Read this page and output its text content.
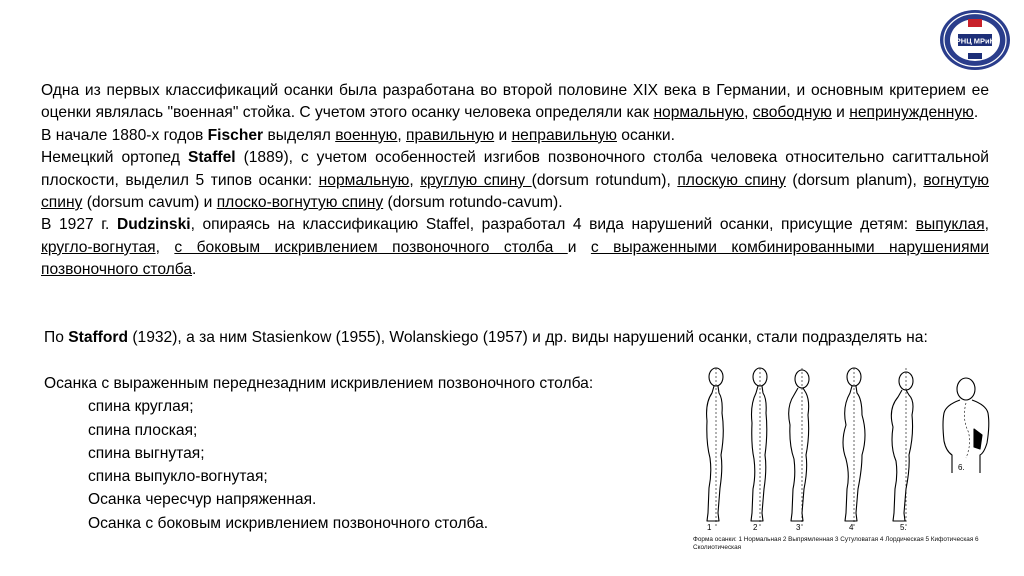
РНЦ МРиК

Одна из первых классификаций осанки была разработана во второй половине XIX века в Германии, и основным критерием ее оценки являлась "военная" стойка. С учетом этого осанку человека определяли как нормальную, свободную и непринужденную.

В начале 1880-х годов Fischer выделял военную, правильную и неправильную осанки.

Немецкий ортопед Staffel (1889), с учетом особенностей изгибов позвоночного столба человека относительно сагиттальной плоскости, выделил 5 типов осанки: нормальную, круглую спину (dorsum rotundum), плоскую спину (dorsum planum), вогнутую спину (dorsum cavum) и плоско-вогнутую спину (dorsum rotundo-cavum).

В 1927 г. Dudzinski, опираясь на классификацию Staffel, разработал 4 вида нарушений осанки, присущие детям: выпуклая, кругло-вогнутая, с боковым искривлением позвоночного столба и с выраженными комбинированными нарушениями позвоночного столба.

По Stafford (1932), а за ним Stasienkow (1955), Wolanskiego (1957) и др. виды нарушений осанки, стали подразделять на:

Осанка с выраженным переднезадним искривлением позвоночного столба:
спина круглая;
спина плоская;
спина выгнутая;
спина выпукло-вогнутая;
Осанка чересчур напряженная.
Осанка с боковым искривлением позвоночного столба.	1	2	3	4	5.
6.
Форма осанки: 1 Нормальная 2 Выпрямленная 3 Сутуловатая 4 Лордическая 5 Кифотическая 6 Сколиотическая
